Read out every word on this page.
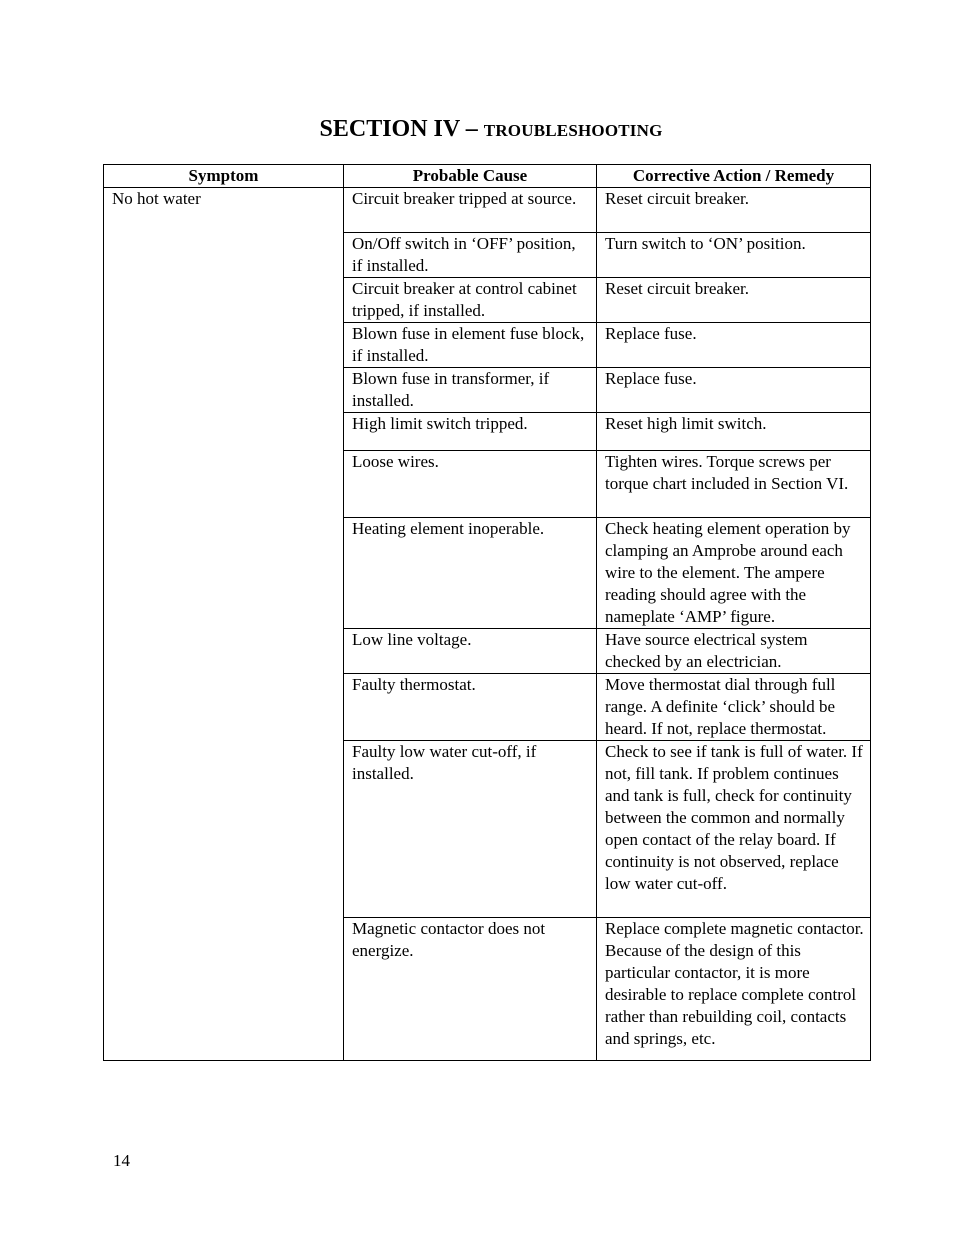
SECTION IV – TROUBLESHOOTING
Symptom	Probable Cause	Corrective Action / Remedy
No hot water	Circuit breaker tripped at source.	Reset circuit breaker.
	On/Off switch in ‘OFF’ position, if installed.	Turn switch to ‘ON’ position.
	Circuit breaker at control cabinet tripped, if installed.	Reset circuit breaker.
	Blown fuse in element fuse block, if installed.	Replace fuse.
	Blown fuse in transformer, if installed.	Replace fuse.
	High limit switch tripped.	Reset high limit switch.
	Loose wires.	Tighten wires. Torque screws per torque chart included in Section VI.
	Heating element inoperable.	Check heating element operation by clamping an Amprobe around each wire to the element. The ampere reading should agree with the nameplate ‘AMP’ figure.
	Low line voltage.	Have source electrical system checked by an electrician.
	Faulty thermostat.	Move thermostat dial through full range. A definite ‘click’ should be heard. If not, replace thermostat.
	Faulty low water cut-off, if installed.	Check to see if tank is full of water. If not, fill tank. If problem continues and tank is full, check for continuity between the common and normally open contact of the relay board. If continuity is not observed, replace low water cut-off.
	Magnetic contactor does not energize.	Replace complete magnetic contactor. Because of the design of this particular contactor, it is more desirable to replace complete control rather than rebuilding coil, contacts and springs, etc.
14
